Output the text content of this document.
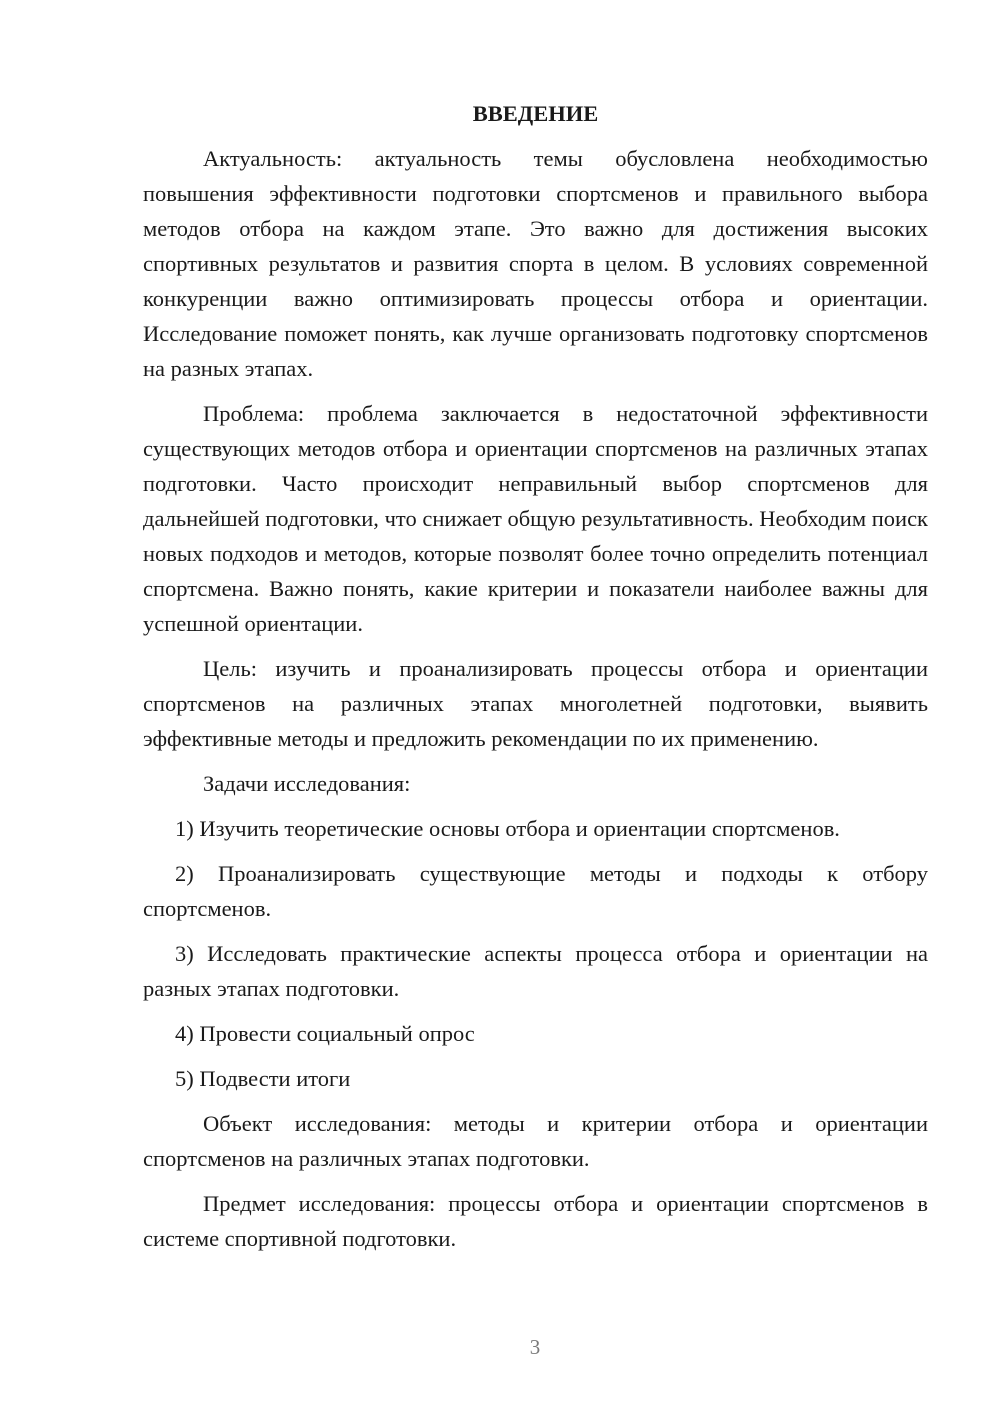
ВВЕДЕНИЕ

Актуальность: актуальность темы обусловлена необходимостью повышения эффективности подготовки спортсменов и правильного выбора методов отбора на каждом этапе. Это важно для достижения высоких спортивных результатов и развития спорта в целом. В условиях современной конкуренции важно оптимизировать процессы отбора и ориентации. Исследование поможет понять, как лучше организовать подготовку спортсменов на разных этапах.

Проблема: проблема заключается в недостаточной эффективности существующих методов отбора и ориентации спортсменов на различных этапах подготовки. Часто происходит неправильный выбор спортсменов для дальнейшей подготовки, что снижает общую результативность. Необходим поиск новых подходов и методов, которые позволят более точно определить потенциал спортсмена. Важно понять, какие критерии и показатели наиболее важны для успешной ориентации.

Цель: изучить и проанализировать процессы отбора и ориентации спортсменов на различных этапах многолетней подготовки, выявить эффективные методы и предложить рекомендации по их применению.

Задачи исследования:

1) Изучить теоретические основы отбора и ориентации спортсменов.

2) Проанализировать существующие методы и подходы к отбору спортсменов.

3) Исследовать практические аспекты процесса отбора и ориентации на разных этапах подготовки.

4) Провести социальный опрос

5) Подвести итоги

Объект исследования: методы и критерии отбора и ориентации спортсменов на различных этапах подготовки.

Предмет исследования: процессы отбора и ориентации спортсменов в системе спортивной подготовки.

3
